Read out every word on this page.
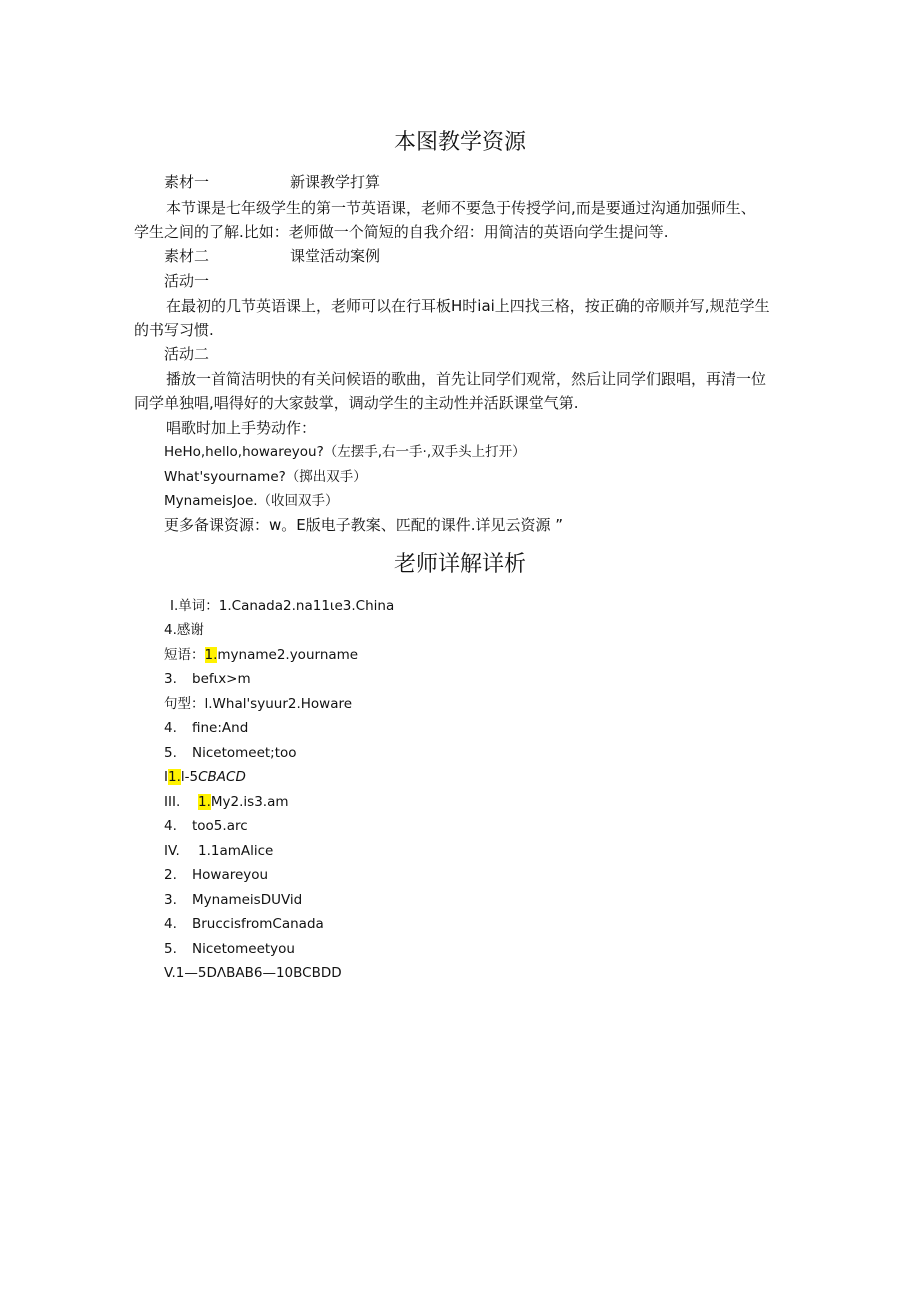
本图教学资源
素材一	新课教学打算
本节课是七年级学生的第一节英语课，老师不要急于传授学问,而是要通过沟通加强师生、
学生之间的了解.比如：老师做一个简短的自我介绍：用简洁的英语向学生提问等.
素材二	课堂活动案例
活动一
在最初的几节英语课上，老师可以在行耳板H时iai上四找三格，按正确的帝顺并写,规范学生
的书写习惯.
活动二
播放一首简洁明快的有关问候语的歌曲，首先让同学们观常，然后让同学们跟唱，再清一位
同学单独唱,唱得好的大家鼓掌，调动学生的主动性并活跃课堂气第.
唱歌时加上手势动作：
HeHo,hello,howareyou?（左摆手,右一手·,双手头上打开）
What'syourname?（掷出双手）
MynameisJoe.（收回双手）
更多备课资源：w。E版电子教案、匹配的课件.详见云资源 ”
老师详解详析
I.单词：1.Canada2.na11ιe3.China
4.感谢
短语：1.myname2.yourname
3. befιx>m
句型：l.Whal'syuur2.Howare
4. fine:And
5. Nicetomeet;too
I1.l-5CBACD
III. 1.My2.is3.am
4. too5.arc
IV. 1.1amAlice
2. Howareyou
3. MynameisDUVid
4. BruccisfromCanada
5. Nicetomeetyou
V.1—5DΛBAB6—10BCBDD
